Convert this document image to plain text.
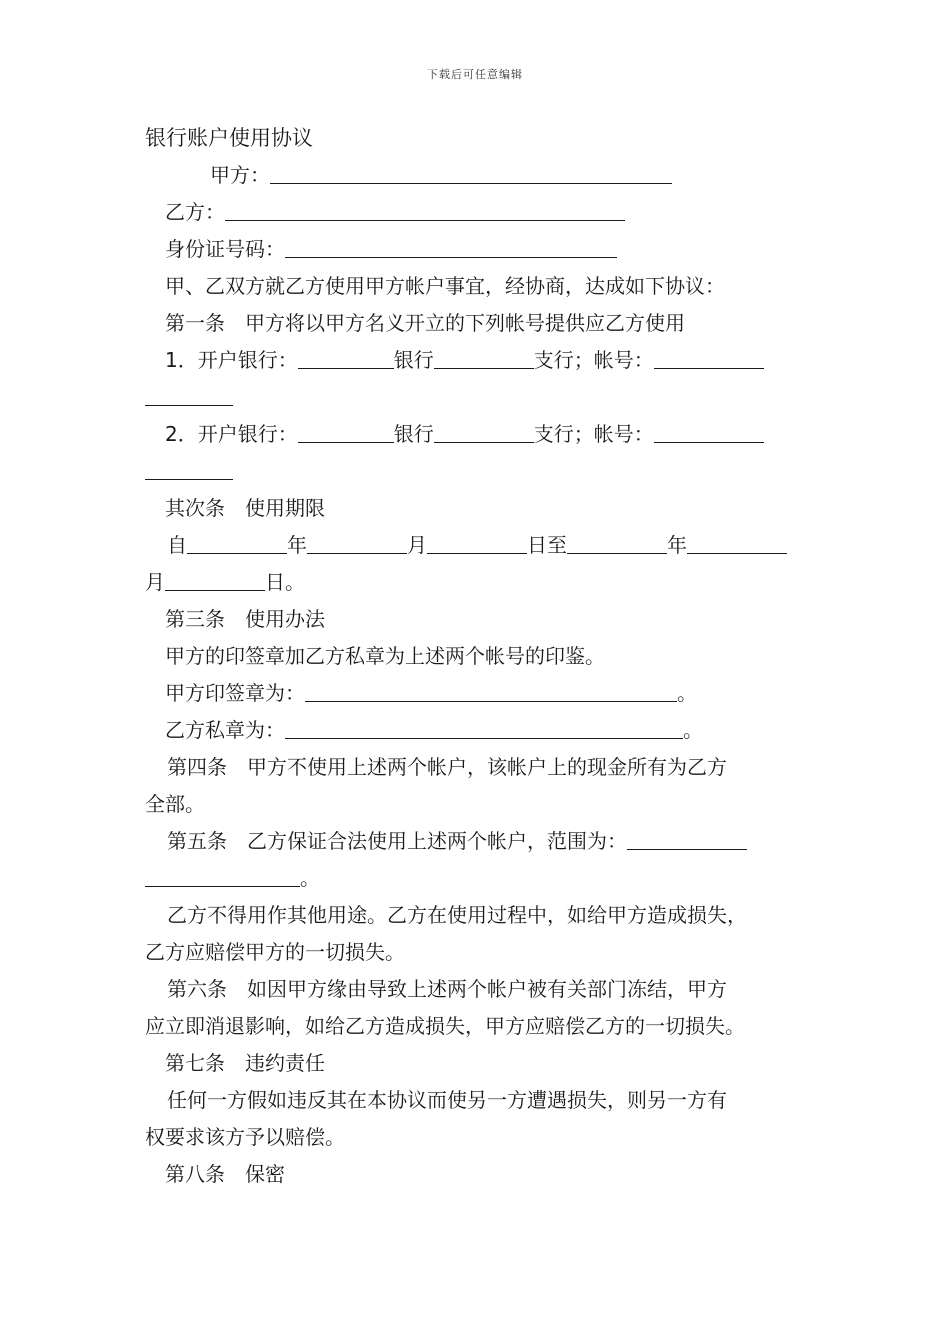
下载后可任意编辑
银行账户使用协议
甲方：
乙方：
身份证号码：
甲、乙双方就乙方使用甲方帐户事宜，经协商，达成如下协议：
第一条　甲方将以甲方名义开立的下列帐号提供应乙方使用
1．开户银行：	银行	支行；帐号：
2．开户银行：	银行	支行；帐号：
其次条　使用期限
自	年	月	日至	年
月	日。
第三条　使用办法
甲方的印签章加乙方私章为上述两个帐号的印鉴。
甲方印签章为：	。
乙方私章为：	。
第四条　甲方不使用上述两个帐户，该帐户上的现金所有为乙方
全部。
第五条　乙方保证合法使用上述两个帐户，范围为：
。
乙方不得用作其他用途。乙方在使用过程中，如给甲方造成损失，
乙方应赔偿甲方的一切损失。
第六条　如因甲方缘由导致上述两个帐户被有关部门冻结，甲方
应立即消退影响，如给乙方造成损失，甲方应赔偿乙方的一切损失。
第七条　违约责任
任何一方假如违反其在本协议而使另一方遭遇损失，则另一方有
权要求该方予以赔偿。
第八条　保密
